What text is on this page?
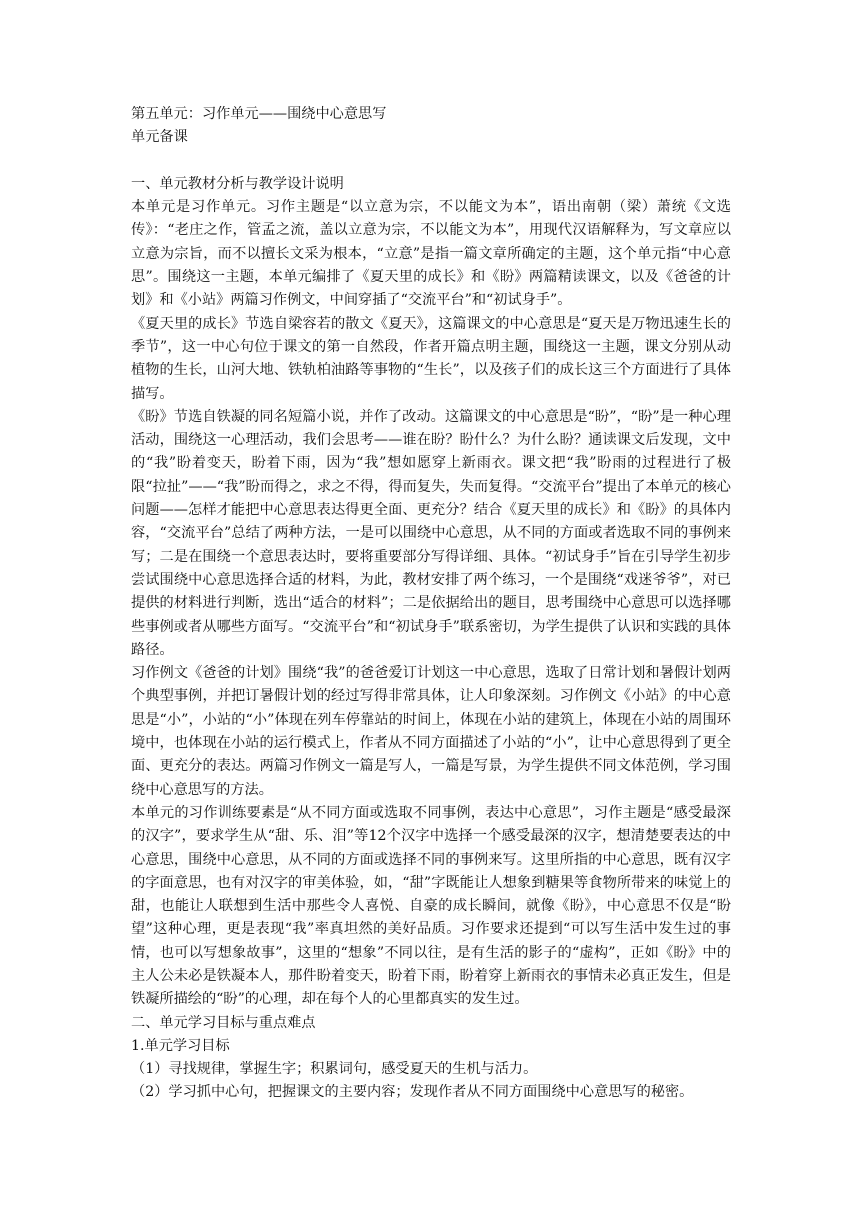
第五单元：习作单元——围绕中心意思写
单元备课
一、单元教材分析与教学设计说明

本单元是习作单元。习作主题是“以立意为宗，不以能文为本”，语出南朝（梁）萧统《文选传》：“老庄之作，管孟之流，盖以立意为宗，不以能文为本”，用现代汉语解释为，写文章应以立意为宗旨，而不以擅长文采为根本，“立意”是指一篇文章所确定的主题，这个单元指“中心意思”。围绕这一主题，本单元编排了《夏天里的成长》和《盼》两篇精读课文，以及《爸爸的计划》和《小站》两篇习作例文，中间穿插了“交流平台”和“初试身手”。

《夏天里的成长》节选自梁容若的散文《夏天》，这篇课文的中心意思是“夏天是万物迅速生长的季节”，这一中心句位于课文的第一自然段，作者开篇点明主题，围绕这一主题，课文分别从动植物的生长，山河大地、铁轨柏油路等事物的“生长”，以及孩子们的成长这三个方面进行了具体描写。

《盼》节选自铁凝的同名短篇小说，并作了改动。这篇课文的中心意思是“盼”，“盼”是一种心理活动，围绕这一心理活动，我们会思考——谁在盼？盼什么？为什么盼？通读课文后发现，文中的“我”盼着变天，盼着下雨，因为“我”想如愿穿上新雨衣。课文把“我”盼雨的过程进行了极限“拉扯”——“我”盼而得之，求之不得，得而复失，失而复得。“交流平台”提出了本单元的核心问题——怎样才能把中心意思表达得更全面、更充分？结合《夏天里的成长》和《盼》的具体内容，“交流平台”总结了两种方法，一是可以围绕中心意思，从不同的方面或者选取不同的事例来写；二是在围绕一个意思表达时，要将重要部分写得详细、具体。“初试身手”旨在引导学生初步尝试围绕中心意思选择合适的材料，为此，教材安排了两个练习，一个是围绕“戏迷爷爷”，对已提供的材料进行判断，选出“适合的材料”；二是依据给出的题目，思考围绕中心意思可以选择哪些事例或者从哪些方面写。“交流平台”和“初试身手”联系密切，为学生提供了认识和实践的具体路径。

习作例文《爸爸的计划》围绕“我”的爸爸爱订计划这一中心意思，选取了日常计划和暑假计划两个典型事例，并把订暑假计划的经过写得非常具体，让人印象深刻。习作例文《小站》的中心意思是“小”，小站的“小”体现在列车停靠站的时间上，体现在小站的建筑上，体现在小站的周围环境中，也体现在小站的运行模式上，作者从不同方面描述了小站的“小”，让中心意思得到了更全面、更充分的表达。两篇习作例文一篇是写人，一篇是写景，为学生提供不同文体范例，学习围绕中心意思写的方法。

本单元的习作训练要素是“从不同方面或选取不同事例，表达中心意思”，习作主题是“感受最深的汉字”，要求学生从“甜、乐、泪”等12个汉字中选择一个感受最深的汉字，想清楚要表达的中心意思，围绕中心意思，从不同的方面或选择不同的事例来写。这里所指的中心意思，既有汉字的字面意思，也有对汉字的审美体验，如，“甜”字既能让人想象到糖果等食物所带来的味觉上的甜，也能让人联想到生活中那些令人喜悦、自豪的成长瞬间，就像《盼》，中心意思不仅是“盼望”这种心理，更是表现“我”率真坦然的美好品质。习作要求还提到“可以写生活中发生过的事情，也可以写想象故事”，这里的“想象”不同以往，是有生活的影子的“虚构”，正如《盼》中的主人公未必是铁凝本人，那件盼着变天，盼着下雨，盼着穿上新雨衣的事情未必真正发生，但是铁凝所描绘的“盼”的心理，却在每个人的心里都真实的发生过。

二、单元学习目标与重点难点
1.单元学习目标
（1）寻找规律，掌握生字；积累词句，感受夏天的生机与活力。
（2）学习抓中心句，把握课文的主要内容；发现作者从不同方面围绕中心意思写的秘密。
